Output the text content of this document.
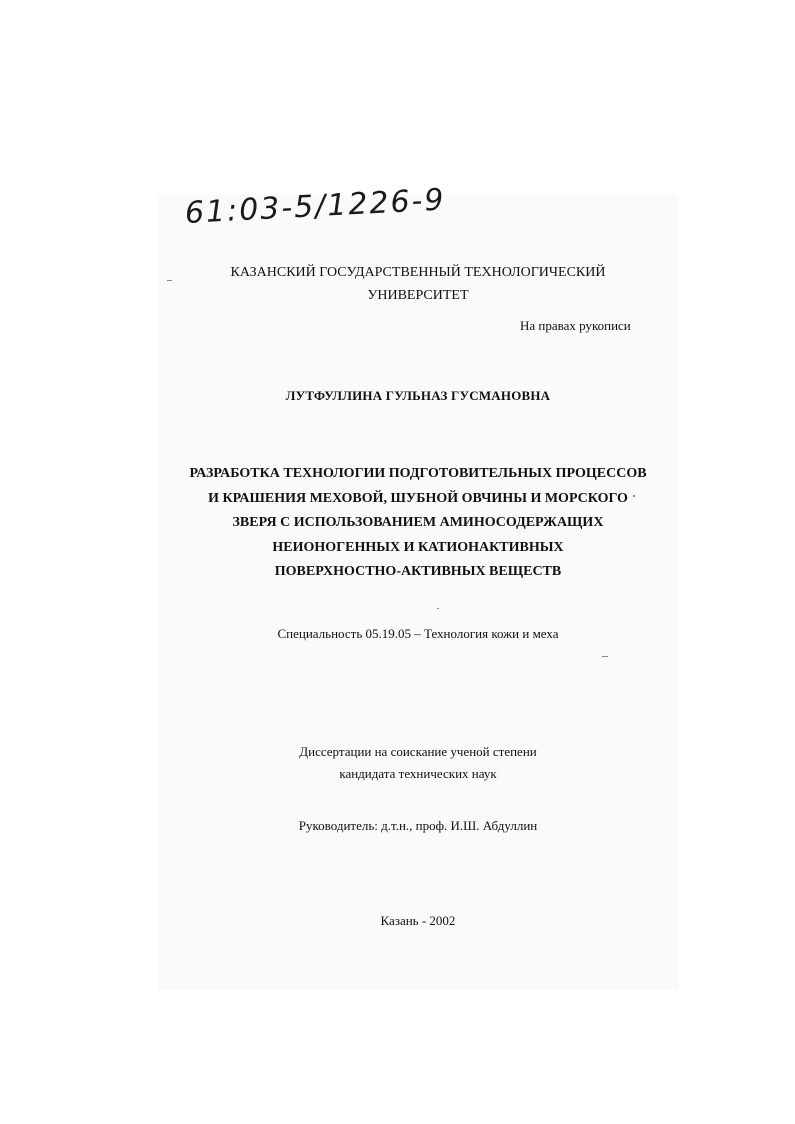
61:03-5/1226-9
КАЗАНСКИЙ ГОСУДАРСТВЕННЫЙ ТЕХНОЛОГИЧЕСКИЙ
УНИВЕРСИТЕТ
На правах рукописи
ЛУТФУЛЛИНА ГУЛЬНАЗ ГУСМАНОВНА
РАЗРАБОТКА ТЕХНОЛОГИИ ПОДГОТОВИТЕЛЬНЫХ ПРОЦЕССОВ
И КРАШЕНИЯ МЕХОВОЙ, ШУБНОЙ ОВЧИНЫ И МОРСКОГО
ЗВЕРЯ С ИСПОЛЬЗОВАНИЕМ АМИНОСОДЕРЖАЩИХ
НЕИОНОГЕННЫХ И КАТИОНАКТИВНЫХ
ПОВЕРХНОСТНО-АКТИВНЫХ ВЕЩЕСТВ
Специальность 05.19.05 – Технология кожи и меха
Диссертации на соискание ученой степени
кандидата технических наук
Руководитель: д.т.н., проф. И.Ш. Абдуллин
Казань - 2002
